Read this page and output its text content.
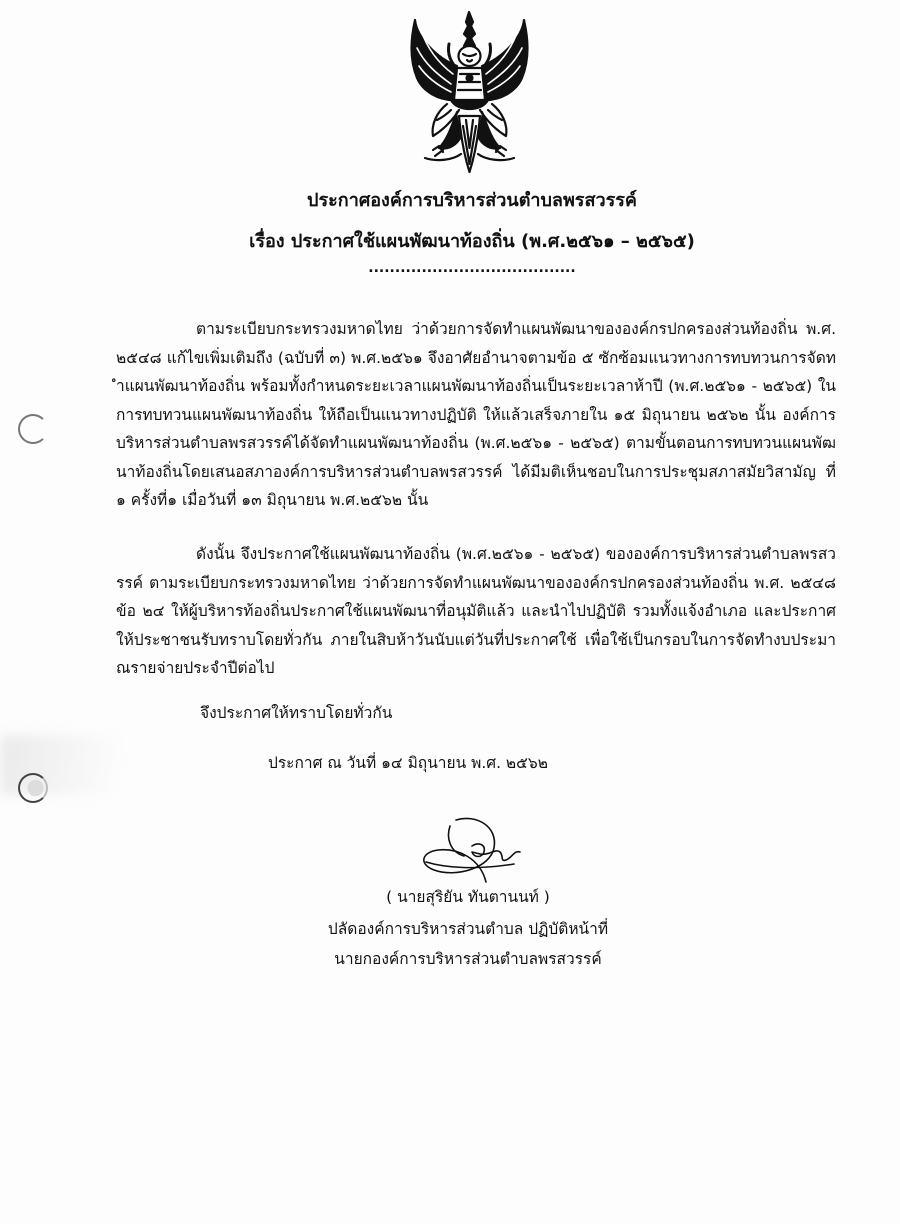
ประกาศองค์การบริหารส่วนตำบลพรสวรรค์
เรื่อง ประกาศใช้แผนพัฒนาท้องถิ่น (พ.ศ.๒๕๖๑ – ๒๕๖๕)
.......................................
ตามระเบียบกระทรวงมหาดไทย ว่าด้วยการจัดทำแผนพัฒนาขององค์กรปกครองส่วนท้องถิ่น พ.ศ.๒๕๔๘ แก้ไขเพิ่มเติมถึง (ฉบับที่ ๓) พ.ศ.๒๕๖๑ จึงอาศัยอำนาจตามข้อ ๕ ซักซ้อมแนวทางการทบทวนการจัดทำแผนพัฒนาท้องถิ่น พร้อมทั้งกำหนดระยะเวลาแผนพัฒนาท้องถิ่นเป็นระยะเวลาห้าปี (พ.ศ.๒๕๖๑ - ๒๕๖๕) ในการทบทวนแผนพัฒนาท้องถิ่น ให้ถือเป็นแนวทางปฏิบัติ ให้แล้วเสร็จภายใน ๑๕ มิถุนายน ๒๕๖๒ นั้น องค์การบริหารส่วนตำบลพรสวรรค์ได้จัดทำแผนพัฒนาท้องถิ่น (พ.ศ.๒๕๖๑ - ๒๕๖๕) ตามขั้นตอนการทบทวนแผนพัฒนาท้องถิ่นโดยเสนอสภาองค์การบริหารส่วนตำบลพรสวรรค์ ได้มีมติเห็นชอบในการประชุมสภาสมัยวิสามัญ ที่ ๑ ครั้งที่๑ เมื่อวันที่ ๑๓ มิถุนายน พ.ศ.๒๕๖๒ นั้น
ดังนั้น จึงประกาศใช้แผนพัฒนาท้องถิ่น (พ.ศ.๒๕๖๑ - ๒๕๖๕) ขององค์การบริหารส่วนตำบลพรสวรรค์ ตามระเบียบกระทรวงมหาดไทย ว่าด้วยการจัดทำแผนพัฒนาขององค์กรปกครองส่วนท้องถิ่น พ.ศ. ๒๕๔๘ ข้อ ๒๔ ให้ผู้บริหารท้องถิ่นประกาศใช้แผนพัฒนาที่อนุมัติแล้ว และนำไปปฏิบัติ รวมทั้งแจ้งอำเภอ และประกาศ ให้ประชาชนรับทราบโดยทั่วกัน ภายในสิบห้าวันนับแต่วันที่ประกาศใช้ เพื่อใช้เป็นกรอบในการจัดทำงบประมาณรายจ่ายประจำปีต่อไป
จึงประกาศให้ทราบโดยทั่วกัน
ประกาศ ณ วันที่ ๑๔ มิถุนายน พ.ศ. ๒๕๖๒
( นายสุริยัน ทันตานนท์ )
ปลัดองค์การบริหารส่วนตำบล ปฏิบัติหน้าที่
นายกองค์การบริหารส่วนตำบลพรสวรรค์
